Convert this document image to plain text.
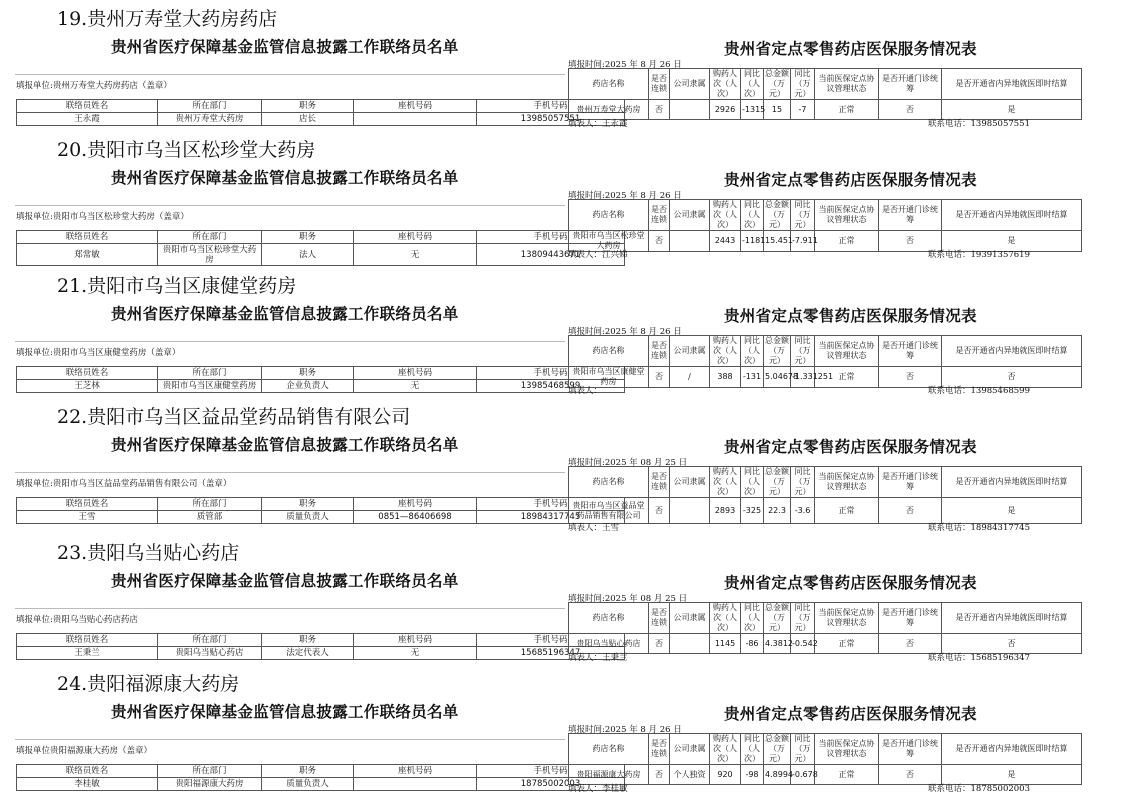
19.贵州万寿堂大药房药店
贵州省医疗保障基金监管信息披露工作联络员名单
填报单位:贵州万寿堂大药房药店（盖章）
联络员姓名	所在部门	职务	座机号码	手机号码
王永霞	贵州万寿堂大药房	店长		13985057551
贵州省定点零售药店医保服务情况表
填报时间:2025 年 8 月 26 日
药店名称	是否连锁	公司隶属	购药人次（人次）	同比（人次）	总金额（万元）	同比（万元）	当前医保定点协议管理状态	是否开通门诊统筹	是否开通省内异地就医即时结算
贵州万寿堂大药房	否		2926	-1315	15	-7	正常	否	是
填表人：王永霞	联系电话：13985057551
20.贵阳市乌当区松珍堂大药房
贵州省医疗保障基金监管信息披露工作联络员名单
填报单位:贵阳市乌当区松珍堂大药房（盖章）
联络员姓名	所在部门	职务	座机号码	手机号码
郑常敏	贵阳市乌当区松珍堂大药房	法人	无	13809443671
贵州省定点零售药店医保服务情况表
填报时间:2025 年 8 月 26 日
药店名称	是否连锁	公司隶属	购药人次（人次）	同比（人次）	总金额（万元）	同比（万元）	当前医保定点协议管理状态	是否开通门诊统筹	是否开通省内异地就医即时结算
贵阳市乌当区松珍堂大药房	否		2443	-1181	15.451	-7.911	正常	否	是
填表人：江兴娣	联系电话：19391357619
21.贵阳市乌当区康健堂药房
贵州省医疗保障基金监管信息披露工作联络员名单
填报单位:贵阳市乌当区康健堂药房（盖章）
联络员姓名	所在部门	职务	座机号码	手机号码
王芝林	贵阳市乌当区康健堂药房	企业负责人	无	13985468599
贵州省定点零售药店医保服务情况表
填报时间:2025 年 8 月 26 日
药店名称	是否连锁	公司隶属	购药人次（人次）	同比（人次）	总金额（万元）	同比（万元）	当前医保定点协议管理状态	是否开通门诊统筹	是否开通省内异地就医即时结算
贵阳市乌当区康健堂药房	否	/	388	-131	5.04678	-1.331251	正常	否	否
填表人：	联系电话：13985468599
22.贵阳市乌当区益品堂药品销售有限公司
贵州省医疗保障基金监管信息披露工作联络员名单
填报单位:贵阳市乌当区益品堂药品销售有限公司（盖章）
联络员姓名	所在部门	职务	座机号码	手机号码
王雪	质管部	质量负责人	0851—86406698	18984317745
贵州省定点零售药店医保服务情况表
填报时间:2025 年 08 月 25 日
药店名称	是否连锁	公司隶属	购药人次（人次）	同比（人次）	总金额（万元）	同比（万元）	当前医保定点协议管理状态	是否开通门诊统筹	是否开通省内异地就医即时结算
贵阳市乌当区益品堂药品销售有限公司	否		2893	-325	22.3	-3.6	正常	否	是
填表人：王雪	联系电话：18984317745
23.贵阳乌当贴心药店
贵州省医疗保障基金监管信息披露工作联络员名单
填报单位:贵阳乌当贴心药店药店
联络员姓名	所在部门	职务	座机号码	手机号码
王秉兰	贵阳乌当贴心药店	法定代表人	无	15685196347
贵州省定点零售药店医保服务情况表
填报时间:2025 年 08 月 25 日
药店名称	是否连锁	公司隶属	购药人次（人次）	同比（人次）	总金额（万元）	同比（万元）	当前医保定点协议管理状态	是否开通门诊统筹	是否开通省内异地就医即时结算
贵阳乌当贴心药店	否		1145	-86	4.3812	-0.542	正常	否	否
填表人：王秉兰	联系电话：15685196347
24.贵阳福源康大药房
贵州省医疗保障基金监管信息披露工作联络员名单
填报单位贵阳福源康大药房（盖章）
联络员姓名	所在部门	职务	座机号码	手机号码
李桂敏	贵阳福源康大药房	质量负责人		18785002003
贵州省定点零售药店医保服务情况表
填报时间:2025 年 8 月 26 日
药店名称	是否连锁	公司隶属	购药人次（人次）	同比（人次）	总金额（万元）	同比（万元）	当前医保定点协议管理状态	是否开通门诊统筹	是否开通省内异地就医即时结算
贵阳福源康大药房	否	个人独资	920	-98	4.8994	-0.678	正常	否	是
填表人：李桂敏	联系电话：18785002003
